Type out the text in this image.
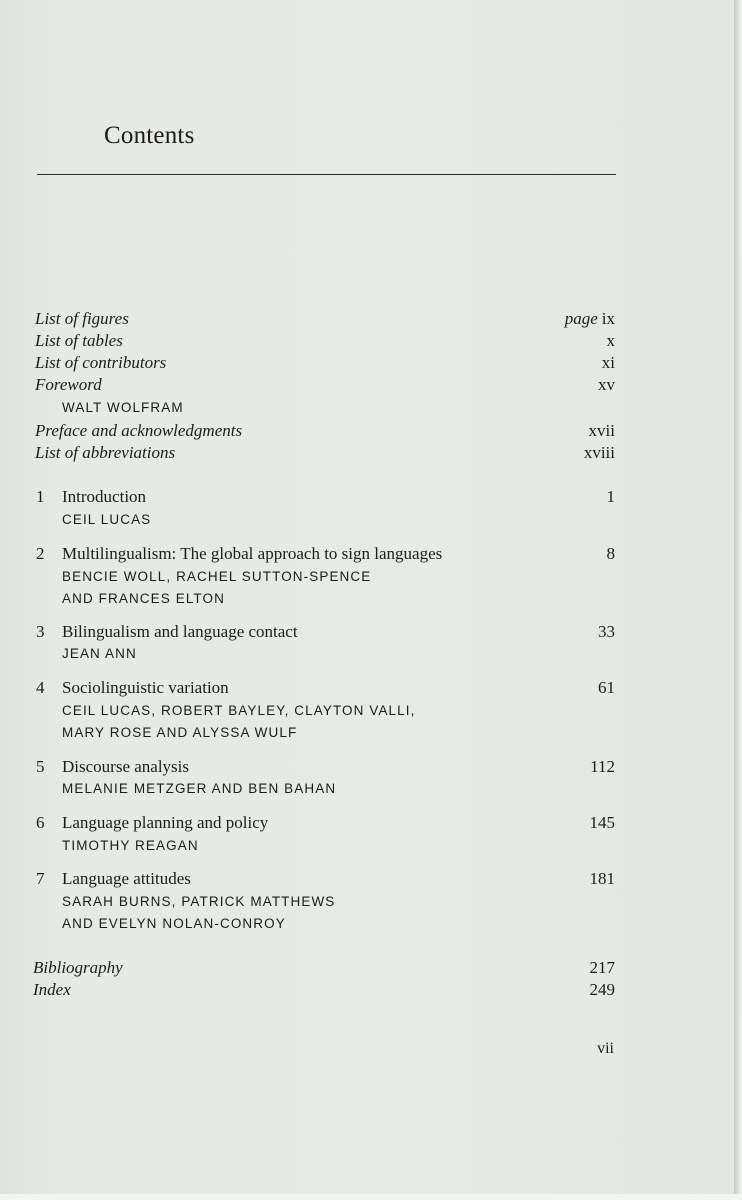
Contents
List of figures	page ix
List of tables	x
List of contributors	xi
Foreword	xv
WALT WOLFRAM
Preface and acknowledgments	xvii
List of abbreviations	xviii
1 Introduction	1
CEIL LUCAS
2 Multilingualism: The global approach to sign languages	8
BENCIE WOLL, RACHEL SUTTON-SPENCE
AND FRANCES ELTON
3 Bilingualism and language contact	33
JEAN ANN
4 Sociolinguistic variation	61
CEIL LUCAS, ROBERT BAYLEY, CLAYTON VALLI,
MARY ROSE AND ALYSSA WULF
5 Discourse analysis	112
MELANIE METZGER AND BEN BAHAN
6 Language planning and policy	145
TIMOTHY REAGAN
7 Language attitudes	181
SARAH BURNS, PATRICK MATTHEWS
AND EVELYN NOLAN-CONROY
Bibliography	217
Index	249
vii
